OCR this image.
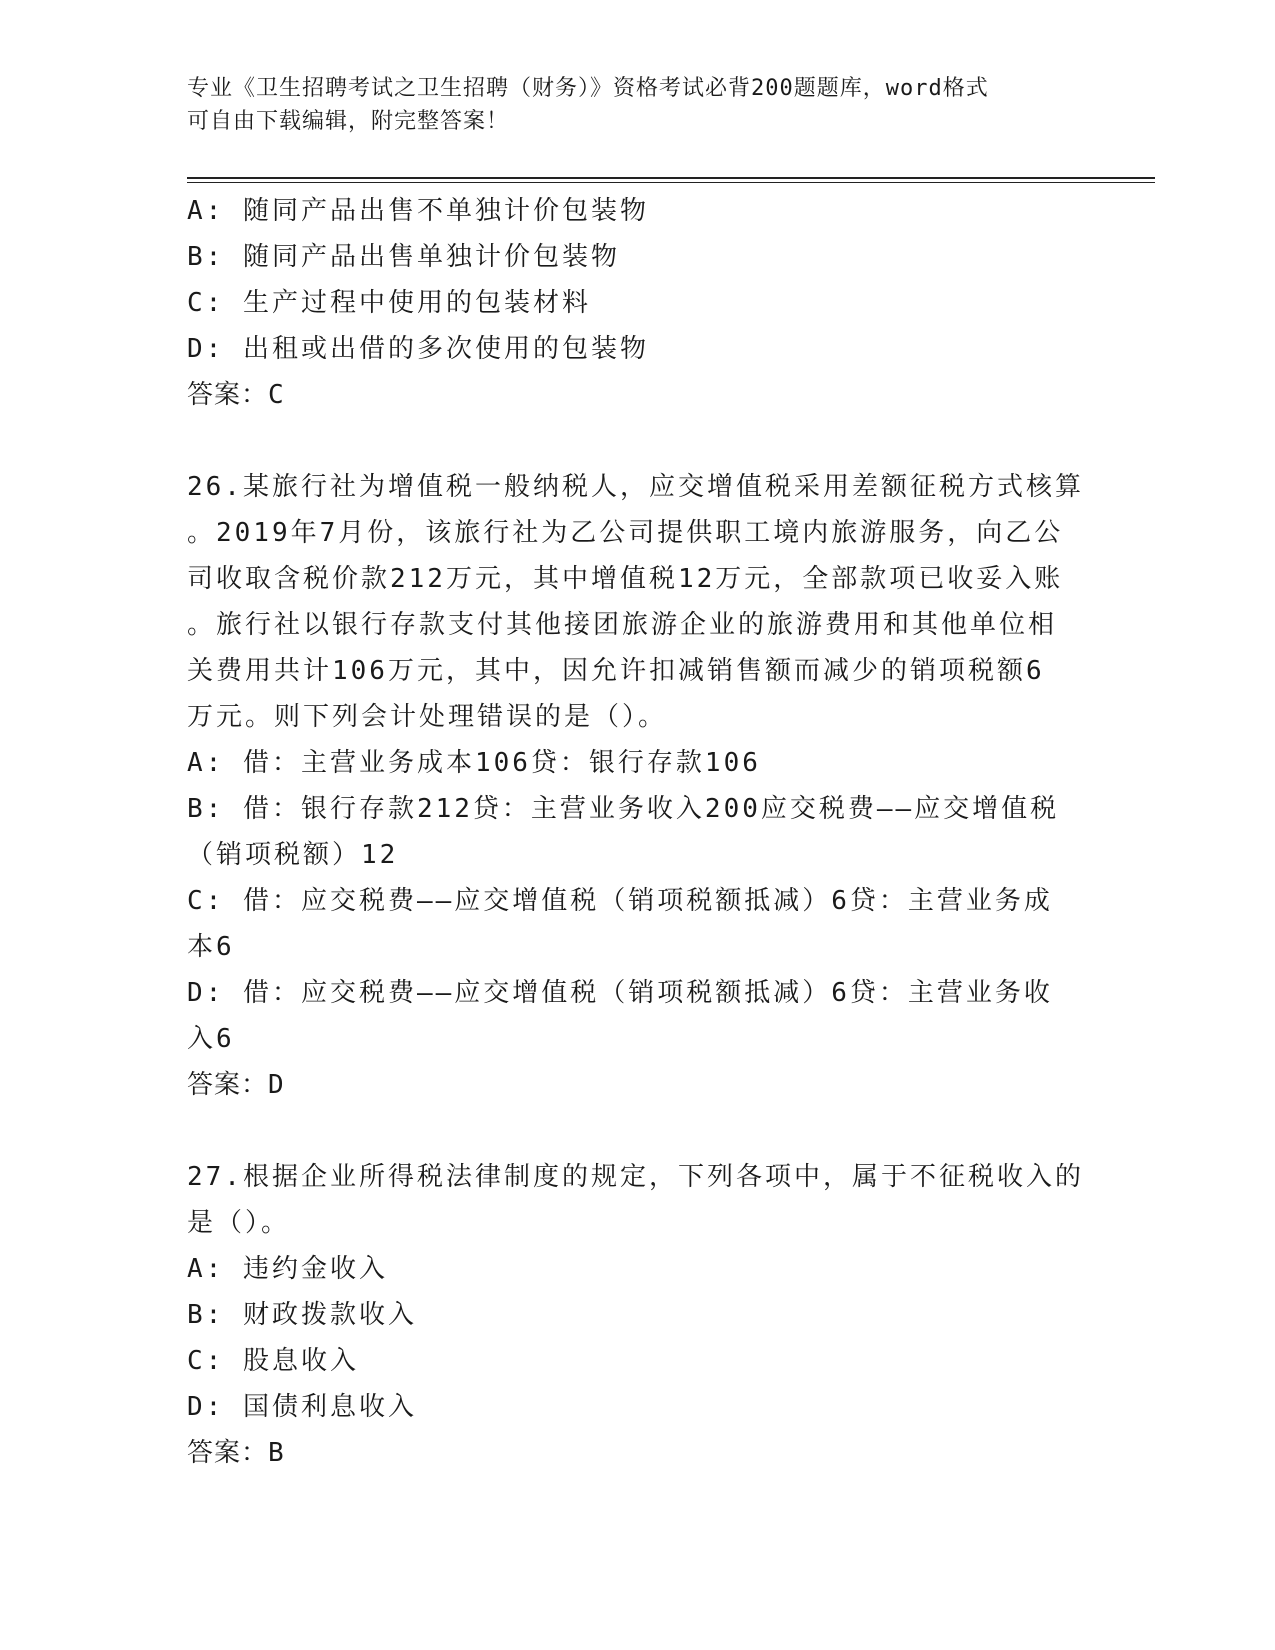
专业《卫生招聘考试之卫生招聘（财务）》资格考试必背200题题库，word格式
可自由下载编辑，附完整答案！
A: 随同产品出售不单独计价包装物
B: 随同产品出售单独计价包装物
C: 生产过程中使用的包装材料
D: 出租或出借的多次使用的包装物
答案：C
26.某旅行社为增值税一般纳税人，应交增值税采用差额征税方式核算
。2019年7月份，该旅行社为乙公司提供职工境内旅游服务，向乙公
司收取含税价款212万元，其中增值税12万元，全部款项已收妥入账
。旅行社以银行存款支付其他接团旅游企业的旅游费用和其他单位相
关费用共计106万元，其中，因允许扣减销售额而减少的销项税额6
万元。则下列会计处理错误的是（）。
A: 借：主营业务成本106贷：银行存款106
B: 借：银行存款212贷：主营业务收入200应交税费——应交增值税
（销项税额）12
C: 借：应交税费——应交增值税（销项税额抵减）6贷：主营业务成
本6
D: 借：应交税费——应交增值税（销项税额抵减）6贷：主营业务收
入6
答案：D
27.根据企业所得税法律制度的规定，下列各项中，属于不征税收入的
是（）。
A: 违约金收入
B: 财政拨款收入
C: 股息收入
D: 国债利息收入
答案：B
